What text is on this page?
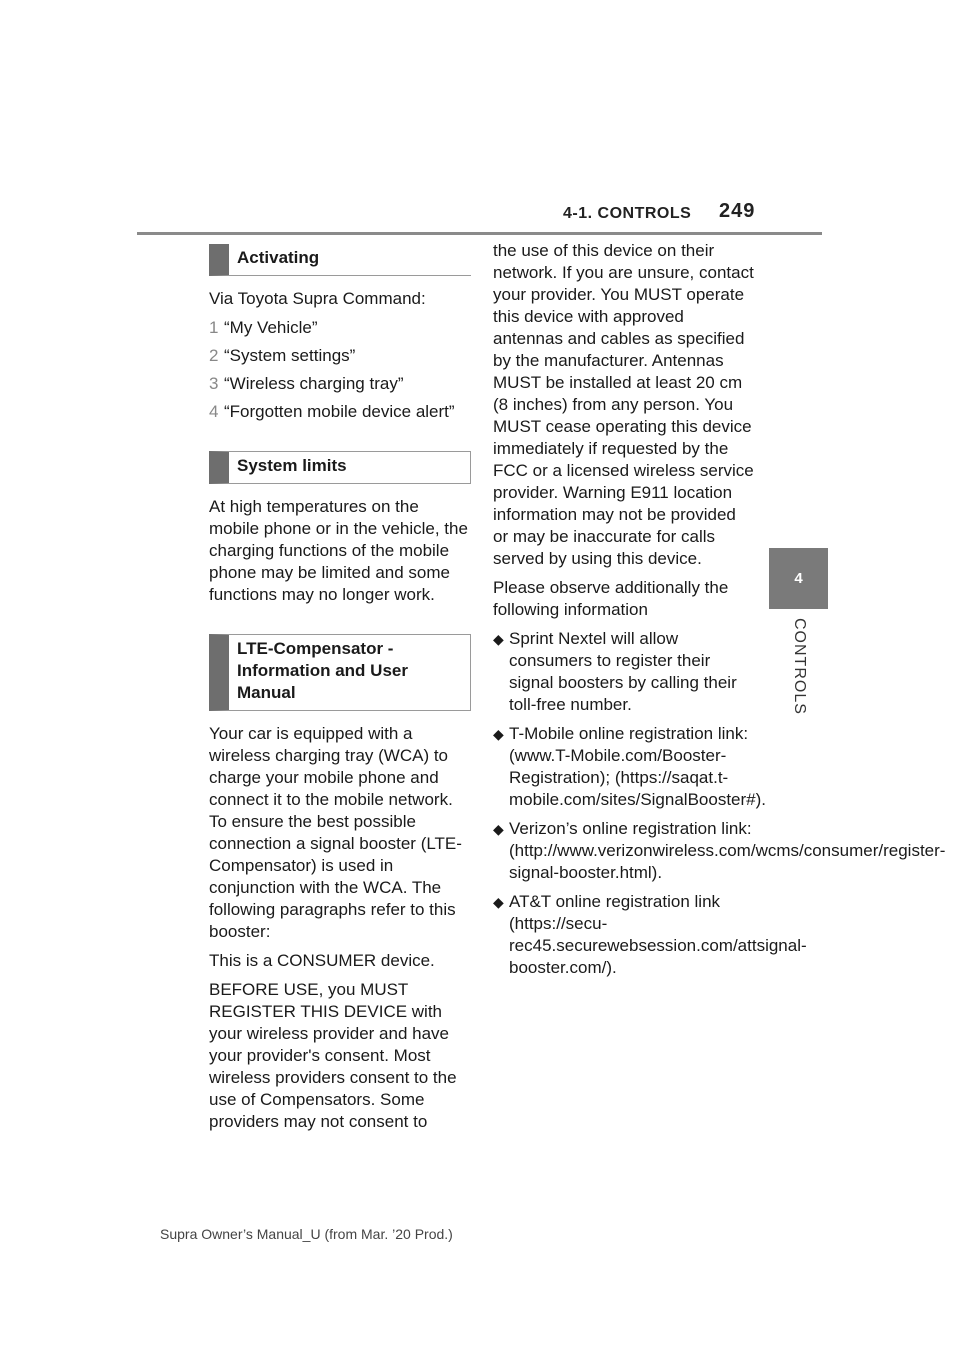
4-1. CONTROLS 249
4
CONTROLS
Activating

Via Toyota Supra Command:

1 “My Vehicle”
2 “System settings”
3 “Wireless charging tray”
4 “Forgotten mobile device alert”
System limits

At high temperatures on the mobile phone or in the vehicle, the charging functions of the mobile phone may be limited and some functions may no longer work.

LTE-Compensator - Information and User Manual

Your car is equipped with a wireless charging tray (WCA) to charge your mobile phone and connect it to the mobile network. To ensure the best possible connection a signal booster (LTE-Compensator) is used in conjunction with the WCA. The following paragraphs refer to this booster:

This is a CONSUMER device.

BEFORE USE, you MUST REGISTER THIS DEVICE with your wireless provider and have your provider's consent. Most wireless providers consent to the use of Compensators. Some providers may not consent to

the use of this device on their network. If you are unsure, contact your provider. You MUST operate this device with approved antennas and cables as specified by the manufacturer. Antennas MUST be installed at least 20 cm (8 inches) from any person. You MUST cease operating this device immediately if requested by the FCC or a licensed wireless service provider. Warning E911 location information may not be provided or may be inaccurate for calls served by using this device.

Please observe additionally the following information

◆ Sprint Nextel will allow consumers to register their signal boosters by calling their toll-free number.
◆ T-Mobile online registration link: (www.T-Mobile.com/Booster-Registration); (https://saqat.t-mobile.com/sites/SignalBooster#).
◆ Verizon’s online registration link: (http://www.verizonwireless.com/wcms/consumer/register-signal-booster.html).
◆ AT&T online registration link (https://secu-rec45.securewebsession.com/attsignal-booster.com/).
Supra Owner’s Manual_U (from Mar. ’20 Prod.)
